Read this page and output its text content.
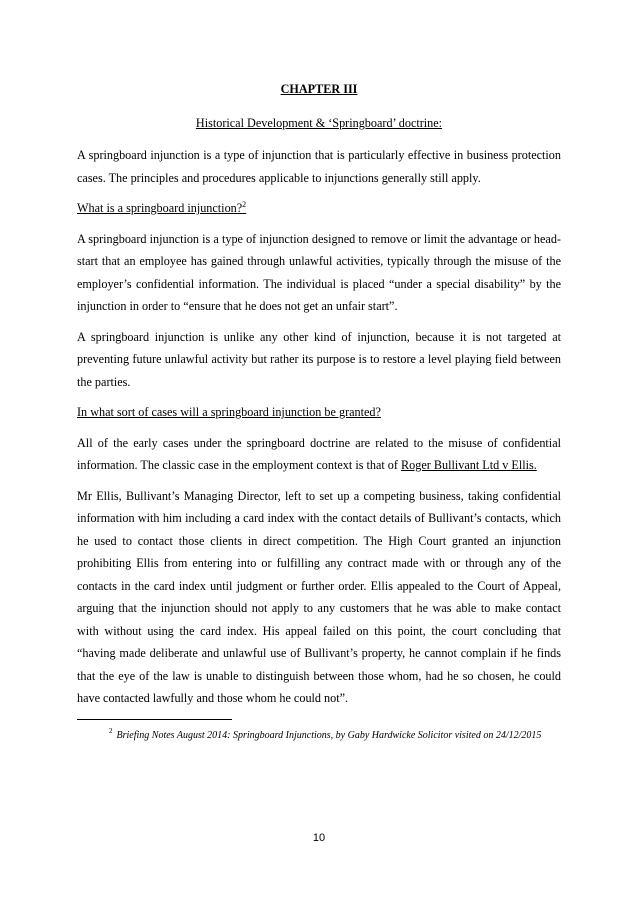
CHAPTER III
Historical Development & ‘Springboard’ doctrine:

A springboard injunction is a type of injunction that is particularly effective in business protection cases. The principles and procedures applicable to injunctions generally still apply.

What is a springboard injunction?$^2$

A springboard injunction is a type of injunction designed to remove or limit the advantage or head-start that an employee has gained through unlawful activities, typically through the misuse of the employer’s confidential information. The individual is placed “under a special disability” by the injunction in order to “ensure that he does not get an unfair start”.

A springboard injunction is unlike any other kind of injunction, because it is not targeted at preventing future unlawful activity but rather its purpose is to restore a level playing field between the parties.

In what sort of cases will a springboard injunction be granted?

All of the early cases under the springboard doctrine are related to the misuse of confidential information. The classic case in the employment context is that of Roger Bullivant Ltd v Ellis.

Mr Ellis, Bullivant’s Managing Director, left to set up a competing business, taking confidential information with him including a card index with the contact details of Bullivant’s contacts, which he used to contact those clients in direct competition. The High Court granted an injunction prohibiting Ellis from entering into or fulfilling any contract made with or through any of the contacts in the card index until judgment or further order. Ellis appealed to the Court of Appeal, arguing that the injunction should not apply to any customers that he was able to make contact with without using the card index. His appeal failed on this point, the court concluding that “having made deliberate and unlawful use of Bullivant’s property, he cannot complain if he finds that the eye of the law is unable to distinguish between those whom, had he so chosen, he could have contacted lawfully and those whom he could not”.

$^2$ Briefing Notes August 2014: Springboard Injunctions, by Gaby Hardwicke Solicitor visited on 24/12/2015
10
